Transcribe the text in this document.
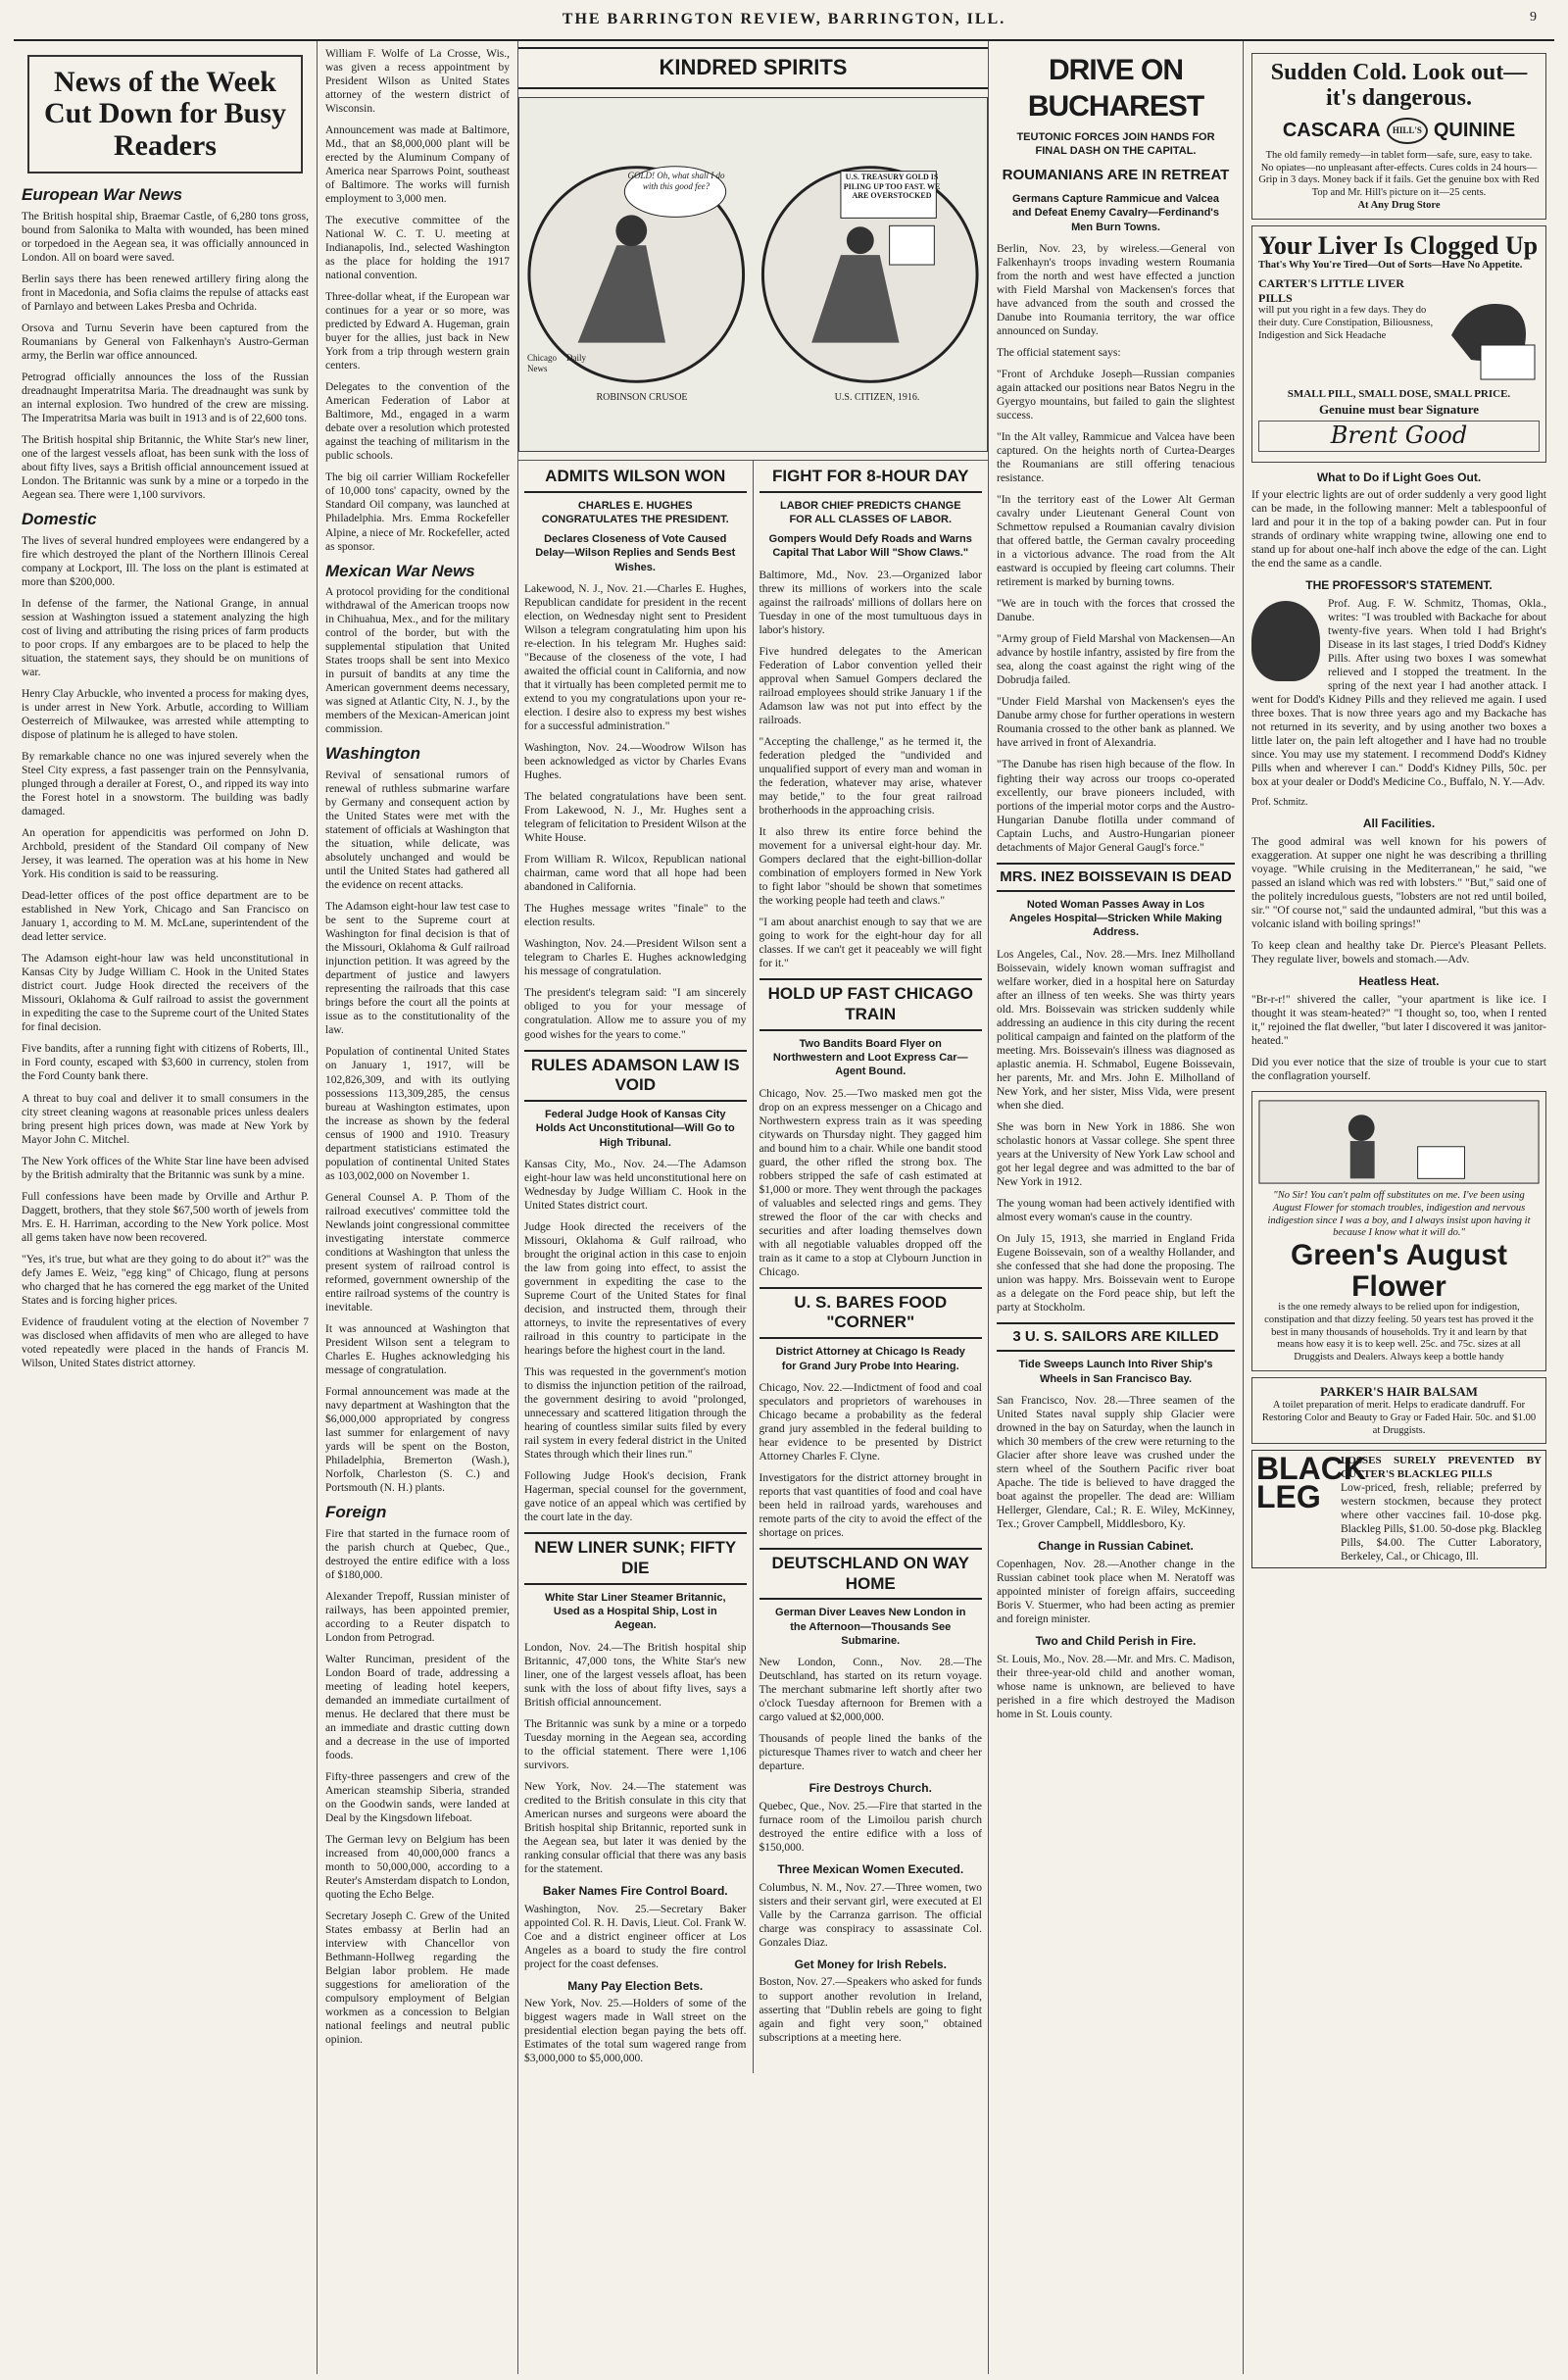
THE BARRINGTON REVIEW, BARRINGTON, ILL.	9
News of the Week Cut Down for Busy Readers
European War News

The British hospital ship, Braemar Castle, of 6,280 tons gross, bound from Salonika to Malta with wounded, has been mined or torpedoed in the Aegean sea, it was officially announced in London. All on board were saved.

Berlin says there has been renewed artillery firing along the front in Macedonia, and Sofia claims the repulse of attacks east of Parnlayo and between Lakes Presba and Ochrida.

Orsova and Turnu Severin have been captured from the Roumanians by General von Falkenhayn's Austro-German army, the Berlin war office announced.

Petrograd officially announces the loss of the Russian dreadnaught Imperatritsa Maria. The dreadnaught was sunk by an internal explosion. Two hundred of the crew are missing. The Imperatritsa Maria was built in 1913 and is of 22,600 tons.

The British hospital ship Britannic, the White Star's new liner, one of the largest vessels afloat, has been sunk with the loss of about fifty lives, says a British official announcement issued at London. The Britannic was sunk by a mine or a torpedo in the Aegean sea. There were 1,100 survivors.

Domestic

The lives of several hundred employees were endangered by a fire which destroyed the plant of the Northern Illinois Cereal company at Lockport, Ill. The loss on the plant is estimated at more than $200,000.

In defense of the farmer, the National Grange, in annual session at Washington issued a statement analyzing the high cost of living and attributing the rising prices of farm products to poor crops. If any embargoes are to be placed to help the situation, the statement says, they should be on munitions of war.

Henry Clay Arbuckle, who invented a process for making dyes, is under arrest in New York. Arbutle, according to William Oesterreich of Milwaukee, was arrested while attempting to dispose of platinum he is alleged to have stolen.

By remarkable chance no one was injured severely when the Steel City express, a fast passenger train on the Pennsylvania, plunged through a derailer at Forest, O., and ripped its way into the Forest hotel in a snowstorm. The building was badly damaged.

An operation for appendicitis was performed on John D. Archbold, president of the Standard Oil company of New Jersey, it was learned. The operation was at his home in New York. His condition is said to be reassuring.

Dead-letter offices of the post office department are to be established in New York, Chicago and San Francisco on January 1, according to M. M. McLane, superintendent of the dead letter service.

The Adamson eight-hour law was held unconstitutional in Kansas City by Judge William C. Hook in the United States district court. Judge Hook directed the receivers of the Missouri, Oklahoma & Gulf railroad to assist the government in expediting the case to the Supreme court of the United States for final decision.

Five bandits, after a running fight with citizens of Roberts, Ill., in Ford county, escaped with $3,600 in currency, stolen from the Ford County bank there.

A threat to buy coal and deliver it to small consumers in the city street cleaning wagons at reasonable prices unless dealers bring present high prices down, was made at New York by Mayor John C. Mitchel.

The New York offices of the White Star line have been advised by the British admiralty that the Britannic was sunk by a mine.

Full confessions have been made by Orville and Arthur P. Daggett, brothers, that they stole $67,500 worth of jewels from Mrs. E. H. Harriman, according to the New York police. Most all gems taken have now been recovered.

"Yes, it's true, but what are they going to do about it?" was the defy James E. Weiz, "egg king" of Chicago, flung at persons who charged that he has cornered the egg market of the United States and is forcing higher prices.

Evidence of fraudulent voting at the election of November 7 was disclosed when affidavits of men who are alleged to have voted repeatedly were placed in the hands of Francis M. Wilson, United States district attorney.

William F. Wolfe of La Crosse, Wis., was given a recess appointment by President Wilson as United States attorney of the western district of Wisconsin.

Announcement was made at Baltimore, Md., that an $8,000,000 plant will be erected by the Aluminum Company of America near Sparrows Point, southeast of Baltimore. The works will furnish employment to 3,000 men.

The executive committee of the National W. C. T. U. meeting at Indianapolis, Ind., selected Washington as the place for holding the 1917 national convention.

Three-dollar wheat, if the European war continues for a year or so more, was predicted by Edward A. Hugeman, grain buyer for the allies, just back in New York from a trip through western grain centers.

Delegates to the convention of the American Federation of Labor at Baltimore, Md., engaged in a warm debate over a resolution which protested against the teaching of militarism in the public schools.

The big oil carrier William Rockefeller of 10,000 tons' capacity, owned by the Standard Oil company, was launched at Philadelphia. Mrs. Emma Rockefeller Alpine, a niece of Mr. Rockefeller, acted as sponsor.

Mexican War News

A protocol providing for the conditional withdrawal of the American troops now in Chihuahua, Mex., and for the military control of the border, but with the supplemental stipulation that United States troops shall be sent into Mexico in pursuit of bandits at any time the American government deems necessary, was signed at Atlantic City, N. J., by the members of the Mexican-American joint commission.

Washington

Revival of sensational rumors of renewal of ruthless submarine warfare by Germany and consequent action by the United States were met with the statement of officials at Washington that the situation, while delicate, was absolutely unchanged and would be until the United States had gathered all the evidence on recent attacks.

The Adamson eight-hour law test case to be sent to the Supreme court at Washington for final decision is that of the Missouri, Oklahoma & Gulf railroad injunction petition. It was agreed by the department of justice and lawyers representing the railroads that this case brings before the court all the points at issue as to the constitutionality of the law.

Population of continental United States on January 1, 1917, will be 102,826,309, and with its outlying possessions 113,309,285, the census bureau at Washington estimates, upon the increase as shown by the federal census of 1900 and 1910. Treasury department statisticians estimated the population of continental United States as 103,002,000 on November 1.

General Counsel A. P. Thom of the railroad executives' committee told the Newlands joint congressional committee investigating interstate commerce conditions at Washington that unless the present system of railroad control is reformed, government ownership of the entire railroad systems of the country is inevitable.

It was announced at Washington that President Wilson sent a telegram to Charles E. Hughes acknowledging his message of congratulation.

Formal announcement was made at the navy department at Washington that the $6,000,000 appropriated by congress last summer for enlargement of navy yards will be spent on the Boston, Philadelphia, Bremerton (Wash.), Norfolk, Charleston (S. C.) and Portsmouth (N. H.) plants.

Foreign

Fire that started in the furnace room of the parish church at Quebec, Que., destroyed the entire edifice with a loss of $180,000.

Alexander Trepoff, Russian minister of railways, has been appointed premier, according to a Reuter dispatch to London from Petrograd.

Walter Runciman, president of the London Board of trade, addressing a meeting of leading hotel keepers, demanded an immediate curtailment of menus. He declared that there must be an immediate and drastic cutting down and a decrease in the use of imported foods.

Fifty-three passengers and crew of the American steamship Siberia, stranded on the Goodwin sands, were landed at Deal by the Kingsdown lifeboat.

The German levy on Belgium has been increased from 40,000,000 francs a month to 50,000,000, according to a Reuter's Amsterdam dispatch to London, quoting the Echo Belge.

Secretary Joseph C. Grew of the United States embassy at Berlin had an interview with Chancellor von Bethmann-Hollweg regarding the Belgian labor problem. He made suggestions for amelioration of the compulsory employment of Belgian workmen as a concession to Belgian national feelings and neutral public opinion.

KINDRED SPIRITS
GOLD! Oh, what shall I do with this good fee?
U.S. TREASURY GOLD IS PILING UP TOO FAST. WE ARE OVERSTOCKED
Chicago Daily News
ROBINSON CRUSOE	U.S. CITIZEN, 1916.
ADMITS WILSON WON
CHARLES E. HUGHES CONGRATULATES THE PRESIDENT.
Declares Closeness of Vote Caused Delay—Wilson Replies and Sends Best Wishes.

Lakewood, N. J., Nov. 21.—Charles E. Hughes, Republican candidate for president in the recent election, on Wednesday night sent to President Wilson a telegram congratulating him upon his re-election. In his telegram Mr. Hughes said: "Because of the closeness of the vote, I had awaited the official count in California, and now that it virtually has been completed permit me to extend to you my congratulations upon your re-election. I desire also to express my best wishes for a successful administration."

Washington, Nov. 24.—Woodrow Wilson has been acknowledged as victor by Charles Evans Hughes.

The belated congratulations have been sent. From Lakewood, N. J., Mr. Hughes sent a telegram of felicitation to President Wilson at the White House.

From William R. Wilcox, Republican national chairman, came word that all hope had been abandoned in California.

The Hughes message writes "finale" to the election results.

Washington, Nov. 24.—President Wilson sent a telegram to Charles E. Hughes acknowledging his message of congratulation.

The president's telegram said: "I am sincerely obliged to you for your message of congratulation. Allow me to assure you of my good wishes for the years to come."

RULES ADAMSON LAW IS VOID
Federal Judge Hook of Kansas City Holds Act Unconstitutional—Will Go to High Tribunal.

Kansas City, Mo., Nov. 24.—The Adamson eight-hour law was held unconstitutional here on Wednesday by Judge William C. Hook in the United States district court.

Judge Hook directed the receivers of the Missouri, Oklahoma & Gulf railroad, who brought the original action in this case to enjoin the law from going into effect, to assist the government in expediting the case to the Supreme Court of the United States for final decision, and instructed them, through their attorneys, to invite the representatives of every railroad in this country to participate in the hearings before the highest court in the land.

This was requested in the government's motion to dismiss the injunction petition of the railroad, the government desiring to avoid "prolonged, unnecessary and scattered litigation through the hearing of countless similar suits filed by every rail system in every federal district in the United States through which their lines run."

Following Judge Hook's decision, Frank Hagerman, special counsel for the government, gave notice of an appeal which was certified by the court late in the day.

NEW LINER SUNK; FIFTY DIE
White Star Liner Steamer Britannic, Used as a Hospital Ship, Lost in Aegean.

London, Nov. 24.—The British hospital ship Britannic, 47,000 tons, the White Star's new liner, one of the largest vessels afloat, has been sunk with the loss of about fifty lives, says a British official announcement.

The Britannic was sunk by a mine or a torpedo Tuesday morning in the Aegean sea, according to the official statement. There were 1,106 survivors.

New York, Nov. 24.—The statement was credited to the British consulate in this city that American nurses and surgeons were aboard the British hospital ship Britannic, reported sunk in the Aegean sea, but later it was denied by the ranking consular official that there was any basis for the statement.

Baker Names Fire Control Board.

Washington, Nov. 25.—Secretary Baker appointed Col. R. H. Davis, Lieut. Col. Frank W. Coe and a district engineer officer at Los Angeles as a board to study the fire control project for the coast defenses.

Many Pay Election Bets.

New York, Nov. 25.—Holders of some of the biggest wagers made in Wall street on the presidential election began paying the bets off. Estimates of the total sum wagered range from $3,000,000 to $5,000,000.

FIGHT FOR 8-HOUR DAY
LABOR CHIEF PREDICTS CHANGE FOR ALL CLASSES OF LABOR.
Gompers Would Defy Roads and Warns Capital That Labor Will "Show Claws."

Baltimore, Md., Nov. 23.—Organized labor threw its millions of workers into the scale against the railroads' millions of dollars here on Tuesday in one of the most tumultuous days in labor's history.

Five hundred delegates to the American Federation of Labor convention yelled their approval when Samuel Gompers declared the railroad employees should strike January 1 if the Adamson law was not put into effect by the railroads.

"Accepting the challenge," as he termed it, the federation pledged the "undivided and unqualified support of every man and woman in the federation, whatever may arise, whatever may betide," to the four great railroad brotherhoods in the approaching crisis.

It also threw its entire force behind the movement for a universal eight-hour day. Mr. Gompers declared that the eight-billion-dollar combination of employers formed in New York to fight labor "should be shown that sometimes the working people had teeth and claws."

"I am about anarchist enough to say that we are going to work for the eight-hour day for all classes. If we can't get it peaceably we will fight for it."

HOLD UP FAST CHICAGO TRAIN
Two Bandits Board Flyer on Northwestern and Loot Express Car—Agent Bound.

Chicago, Nov. 25.—Two masked men got the drop on an express messenger on a Chicago and Northwestern express train as it was speeding citywards on Thursday night. They gagged him and bound him to a chair. While one bandit stood guard, the other rifled the strong box. The robbers stripped the safe of cash estimated at $1,000 or more. They went through the packages of valuables and selected rings and gems. They strewed the floor of the car with checks and securities and after loading themselves down with all negotiable valuables dropped off the train as it came to a stop at Clybourn Junction in Chicago.

U. S. BARES FOOD "CORNER"
District Attorney at Chicago Is Ready for Grand Jury Probe Into Hearing.

Chicago, Nov. 22.—Indictment of food and coal speculators and proprietors of warehouses in Chicago became a probability as the federal grand jury assembled in the federal building to hear evidence to be presented by District Attorney Charles F. Clyne.

Investigators for the district attorney brought in reports that vast quantities of food and coal have been held in railroad yards, warehouses and remote parts of the city to avoid the effect of the shortage on prices.

DEUTSCHLAND ON WAY HOME
German Diver Leaves New London in the Afternoon—Thousands See Submarine.

New London, Conn., Nov. 28.—The Deutschland, has started on its return voyage. The merchant submarine left shortly after two o'clock Tuesday afternoon for Bremen with a cargo valued at $2,000,000.

Thousands of people lined the banks of the picturesque Thames river to watch and cheer her departure.

Fire Destroys Church.

Quebec, Que., Nov. 25.—Fire that started in the furnace room of the Limoilou parish church destroyed the entire edifice with a loss of $150,000.

Three Mexican Women Executed.

Columbus, N. M., Nov. 27.—Three women, two sisters and their servant girl, were executed at El Valle by the Carranza garrison. The official charge was conspiracy to assassinate Col. Gonzales Diaz.

Get Money for Irish Rebels.

Boston, Nov. 27.—Speakers who asked for funds to support another revolution in Ireland, asserting that "Dublin rebels are going to fight again and fight very soon," obtained subscriptions at a meeting here.

DRIVE ON BUCHAREST
TEUTONIC FORCES JOIN HANDS FOR FINAL DASH ON THE CAPITAL.
ROUMANIANS ARE IN RETREAT
Germans Capture Rammicue and Valcea and Defeat Enemy Cavalry—Ferdinand's Men Burn Towns.

Berlin, Nov. 23, by wireless.—General von Falkenhayn's troops invading western Roumania from the north and west have effected a junction with Field Marshal von Mackensen's forces that have advanced from the south and crossed the Danube into Roumania territory, the war office announced on Sunday.

The official statement says:

"Front of Archduke Joseph—Russian companies again attacked our positions near Batos Negru in the Gyergyo mountains, but failed to gain the slightest success.

"In the Alt valley, Rammicue and Valcea have been captured. On the heights north of Curtea-Dearges the Roumanians are still offering tenacious resistance.

"In the territory east of the Lower Alt German cavalry under Lieutenant General Count von Schmettow repulsed a Roumanian cavalry division that offered battle, the German cavalry proceeding in a victorious advance. The road from the Alt eastward is occupied by fleeing cart columns. Their retirement is marked by burning towns.

"We are in touch with the forces that crossed the Danube.

"Army group of Field Marshal von Mackensen—An advance by hostile infantry, assisted by fire from the sea, along the coast against the right wing of the Dobrudja failed.

"Under Field Marshal von Mackensen's eyes the Danube army chose for further operations in western Roumania crossed to the other bank as planned. We have arrived in front of Alexandria.

"The Danube has risen high because of the flow. In fighting their way across our troops co-operated excellently, our brave pioneers included, with portions of the imperial motor corps and the Austro-Hungarian Danube flotilla under command of Captain Luchs, and Austro-Hungarian pioneer detachments of Major General Gaugl's force."

MRS. INEZ BOISSEVAIN IS DEAD
Noted Woman Passes Away in Los Angeles Hospital—Stricken While Making Address.

Los Angeles, Cal., Nov. 28.—Mrs. Inez Milholland Boissevain, widely known woman suffragist and welfare worker, died in a hospital here on Saturday after an illness of ten weeks. She was thirty years old. Mrs. Boissevain was stricken suddenly while addressing an audience in this city during the recent political campaign and fainted on the platform of the meeting. Mrs. Boissevain's illness was diagnosed as aplastic anemia. H. Schmabol, Eugene Boissevain, her parents, Mr. and Mrs. John E. Milholland of New York, and her sister, Miss Vida, were present when she died.

She was born in New York in 1886. She won scholastic honors at Vassar college. She spent three years at the University of New York Law school and got her legal degree and was admitted to the bar of New York in 1912.

The young woman had been actively identified with almost every woman's cause in the country.

On July 15, 1913, she married in England Frida Eugene Boissevain, son of a wealthy Hollander, and she confessed that she had done the proposing. The union was happy. Mrs. Boissevain went to Europe as a delegate on the Ford peace ship, but left the party at Stockholm.

3 U. S. SAILORS ARE KILLED
Tide Sweeps Launch Into River Ship's Wheels in San Francisco Bay.

San Francisco, Nov. 28.—Three seamen of the United States naval supply ship Glacier were drowned in the bay on Saturday, when the launch in which 30 members of the crew were returning to the Glacier after shore leave was crushed under the stern wheel of the Southern Pacific river boat Apache. The tide is believed to have dragged the boat against the propeller. The dead are: William Hellerger, Glendare, Cal.; R. E. Wiley, McKinney, Tex.; Grover Campbell, Middlesboro, Ky.

Change in Russian Cabinet.

Copenhagen, Nov. 28.—Another change in the Russian cabinet took place when M. Neratoff was appointed minister of foreign affairs, succeeding Boris V. Stuermer, who had been acting as premier and foreign minister.

Two and Child Perish in Fire.

St. Louis, Mo., Nov. 28.—Mr. and Mrs. C. Madison, their three-year-old child and another woman, whose name is unknown, are believed to have perished in a fire which destroyed the Madison home in St. Louis county.

Sudden Cold. Look out—it's dangerous.
CASCARA	HILL'S QUININE
The old family remedy—in tablet form—safe, sure, easy to take. No opiates—no unpleasant after-effects. Cures colds in 24 hours—Grip in 3 days. Money back if it fails. Get the genuine box with Red Top and Mr. Hill's picture on it—25 cents.
At Any Drug Store
Your Liver Is Clogged Up
That's Why You're Tired—Out of Sorts—Have No Appetite.
CARTER'S LITTLE LIVER PILLS
will put you right in a few days. They do their duty. Cure Constipation, Biliousness, Indigestion and Sick Headache
SMALL PILL, SMALL DOSE, SMALL PRICE.
Genuine must bear Signature
Brent Good
What to Do if Light Goes Out.

If your electric lights are out of order suddenly a very good light can be made, in the following manner: Melt a tablespoonful of lard and pour it in the top of a baking powder can. Put in four strands of ordinary white wrapping twine, allowing one end to stand up for about one-half inch above the edge of the can. Light the end the same as a candle.

THE PROFESSOR'S STATEMENT.

Prof. Aug. F. W. Schmitz, Thomas, Okla., writes: "I was troubled with Backache for about twenty-five years. When told I had Bright's Disease in its last stages, I tried Dodd's Kidney Pills. After using two boxes I was somewhat relieved and I stopped the treatment. In the spring of the next year I had another attack. I went for Dodd's Kidney Pills and they relieved me again. I used three boxes. That is now three years ago and my Backache has not returned in its severity, and by using another two boxes a little later on, the pain left altogether and I have had no trouble since. You may use my statement. I recommend Dodd's Kidney Pills when and wherever I can." Dodd's Kidney Pills, 50c. per box at your dealer or Dodd's Medicine Co., Buffalo, N. Y.—Adv.

Prof. Schmitz.
All Facilities.

The good admiral was well known for his powers of exaggeration. At supper one night he was describing a thrilling voyage. "While cruising in the Mediterranean," he said, "we passed an island which was red with lobsters." "But," said one of the politely incredulous guests, "lobsters are not red until boiled, sir." "Of course not," said the undaunted admiral, "but this was a volcanic island with boiling springs!"

To keep clean and healthy take Dr. Pierce's Pleasant Pellets. They regulate liver, bowels and stomach.—Adv.

Heatless Heat.

"Br-r-r!" shivered the caller, "your apartment is like ice. I thought it was steam-heated?" "I thought so, too, when I rented it," rejoined the flat dweller, "but later I discovered it was janitor-heated."

Did you ever notice that the size of trouble is your cue to start the conflagration yourself.

"No Sir! You can't palm off substitutes on me. I've been using August Flower for stomach troubles, indigestion and nervous indigestion since I was a boy, and I always insist upon having it because I know what it will do."
Green's August Flower
is the one remedy always to be relied upon for indigestion, constipation and that dizzy feeling. 50 years test has proved it the best in many thousands of households. Try it and learn by that means how easy it is to keep well. 25c. and 75c. sizes at all Druggists and Dealers. Always keep a bottle handy
PARKER'S HAIR BALSAM
A toilet preparation of merit. Helps to eradicate dandruff. For Restoring Color and Beauty to Gray or Faded Hair. 50c. and $1.00 at Druggists.
BLACK LEG
LOSSES SURELY PREVENTED BY CUTTER'S BLACKLEG PILLS
Low-priced, fresh, reliable; preferred by western stockmen, because they protect where other vaccines fail. 10-dose pkg. Blackleg Pills, $1.00. 50-dose pkg. Blackleg Pills, $4.00. The Cutter Laboratory, Berkeley, Cal., or Chicago, Ill.
